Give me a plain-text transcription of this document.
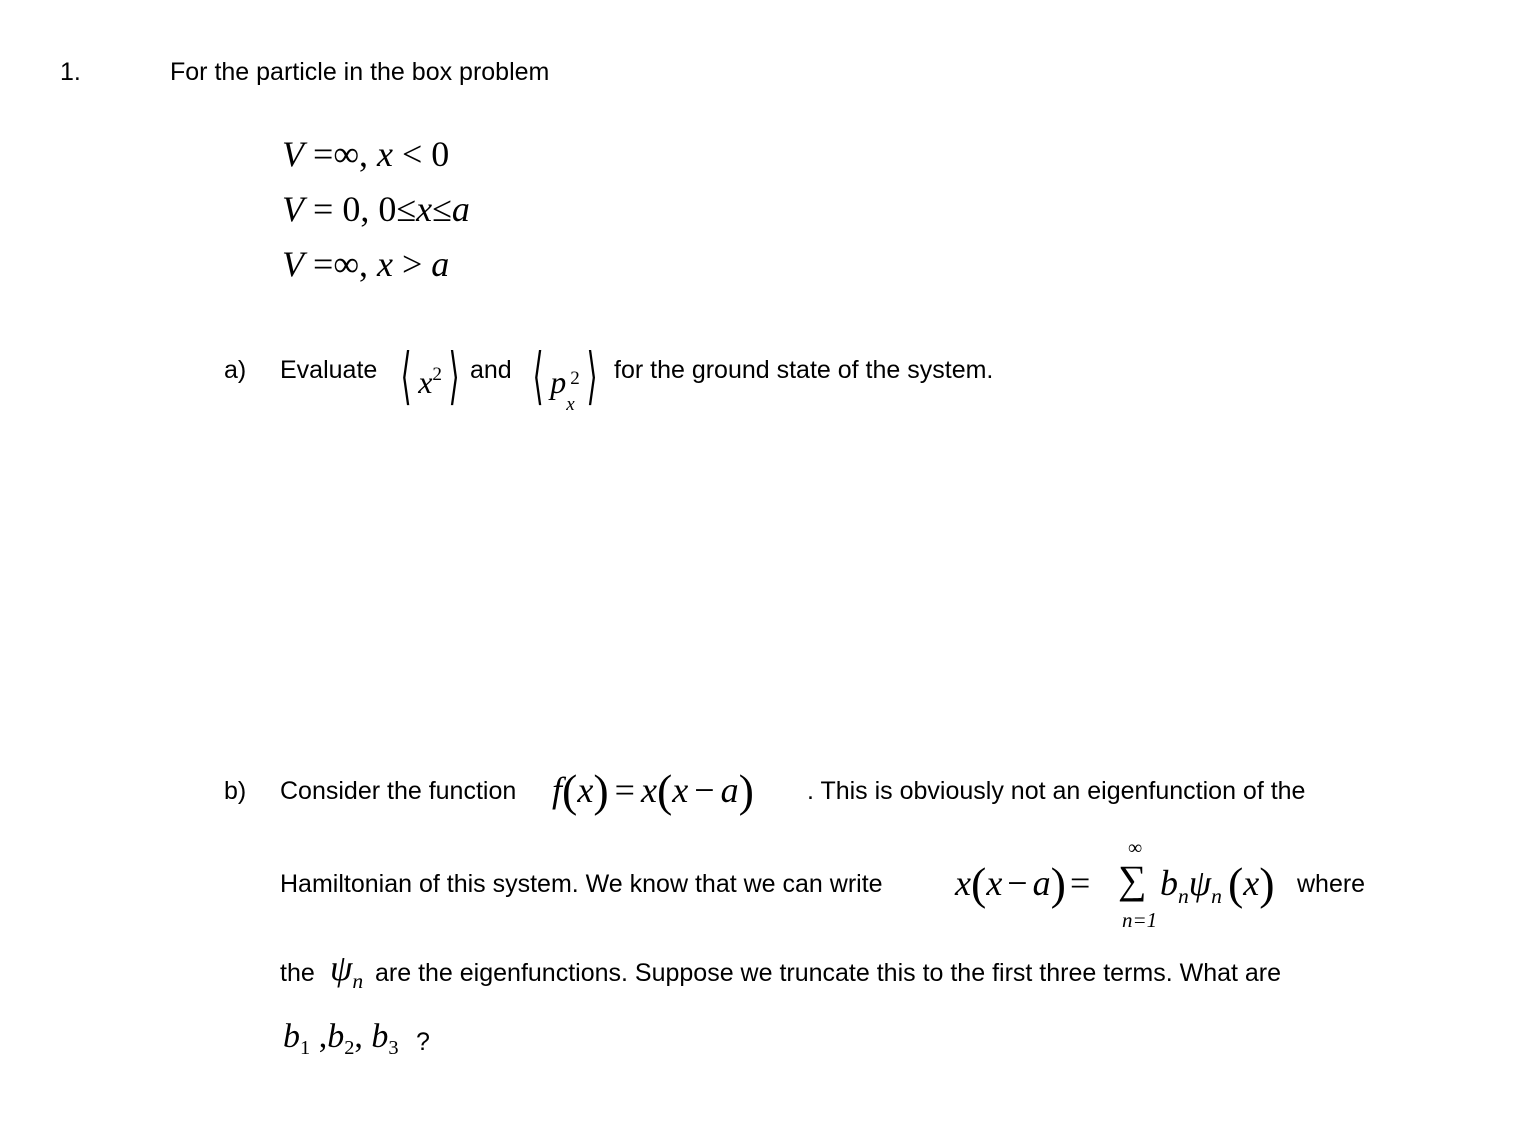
1.	For the particle in the box problem
V =∞, x < 0
V = 0, 0≤x≤a
V =∞, x > a
a) Evaluate ⟨ $x^2$ ⟩ and ⟨ p
x
2 ⟩ for the ground state of the system.
b) Consider the function f(x) = x(x − a) . This is obviously not an eigenfunction of the
Hamiltonian of this system. We know that we can write x(x − a) =
∞
∑
n=1
$b_n\psi_n$ (x) where
the $\psi_n$ are the eigenfunctions. Suppose we truncate this to the first three terms. What are
$b_1$ $,b_2$, $b_3$ ?
